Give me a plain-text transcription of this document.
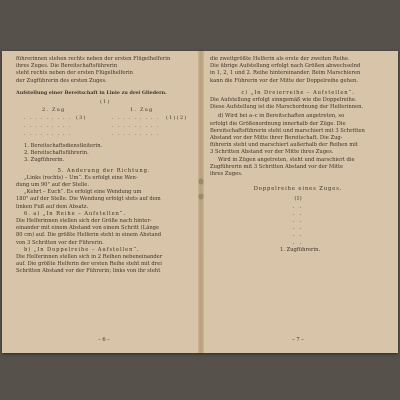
führerinnen stehen rechts neben der ersten Flügelhelferin
ihres Zuges. Die Bereitschaftsführerin
steht rechts neben der ersten Flügelhelferin
der Zugführerin des ersten Zuges.
Aufstellung einer Bereitschaft in Linie zu drei Gliedern.
(1)
2. Zug	1. Zug
. . . . . . . . . (3)	. . . . . . . . . (1)(2)
. . . . . . . . .	. . . . . . . . .
. . . . . . . . .	. . . . . . . . .
1. Bereitschaftsdienstleiterin.
2. Bereitschaftsführerin.
3. Zugführerin.
5. Änderung der Richtung.
„Links (rechts) – Um“. Es erfolgt eine Wen-
dung um 90° auf der Stelle.
„Kehrt – Euch“. Es erfolgt eine Wendung um
180° auf der Stelle. Die Wendung erfolgt stets auf dem
linken Fuß auf dem Absatz.
6. a) „In Reihe – Aufstellen“.
Die Helferinnen stellen sich der Größe nach hinter-
einander mit einem Abstand von einem Schritt (Länge
80 cm) auf. Die größte Helferin steht in einem Abstand
von 3 Schritten vor der Führerin.
b) „In Doppelreihe – Aufstellen“.
Die Helferinnen stellen sich in 2 Reihen nebeneinander
auf. Die größte Helferin der ersten Reihe steht mit drei
Schritten Abstand vor der Führerin; links von ihr steht
– 6 –
die zweitgrößte Helferin als erste der zweiten Reihe.
Die übrige Aufstellung erfolgt nach Größen abwechselnd
in 1, 2, 1 und 2. Reihe hintereinander. Beim Marschieren
kann die Führerin vor der Mitte der Doppelreihe gehen.
c) „In Dreierreihe – Aufstellen“.
Die Aufstellung erfolgt sinngemäß wie die Doppelreihe.
Diese Aufstellung ist die Marschordnung der Helferinnen.
d) Wird bei a–c in Bereitschaften angetreten, so
erfolgt die Größenordnung innerhalb der Züge. Die
Bereitschaftsführerin steht und marschiert mit 3 Schritten
Abstand vor der Mitte ihrer Bereitschaft. Die Zug-
führerin steht und marschiert außerhalb der Reihen mit
3 Schritten Abstand vor der Mitte ihres Zuges.
Wird in Zügen angetreten, steht und marschiert die
Zugführerin mit 3 Schritten Abstand vor der Mitte
ihres Zuges.
Doppelreihe eines Zuges.
(1)
. .
. .
. .
. .
. .
. .
1. Zugführerin.
– 7 –
